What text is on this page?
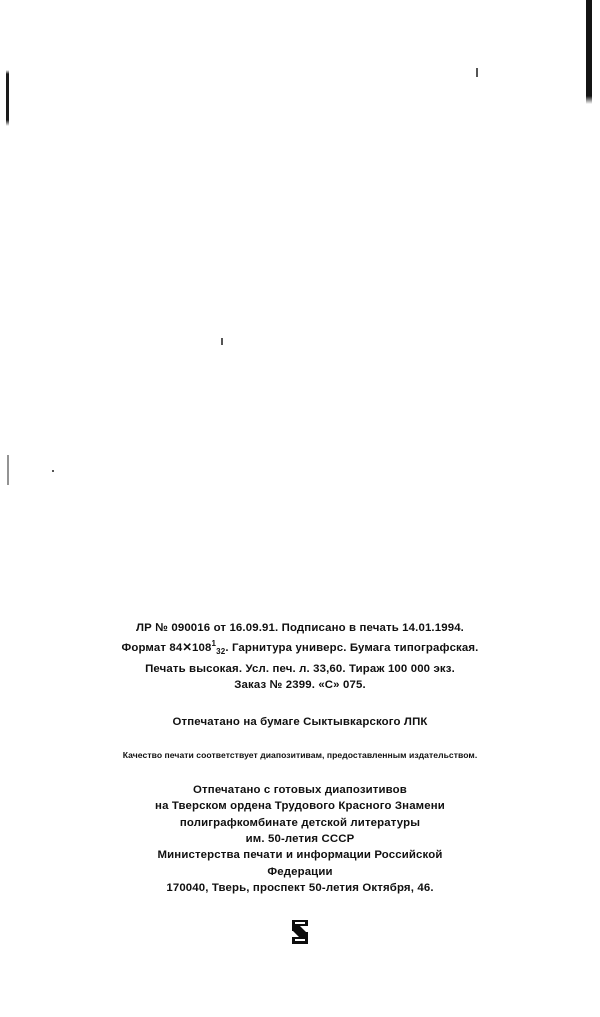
ЛР № 090016 от 16.09.91. Подписано в печать 14.01.1994.
Формат $84✕108^1_{32}$. Гарнитура универс. Бумага типографская.
Печать высокая. Усл. печ. л. 33,60. Тираж 100 000 экз.
Заказ № 2399. «С» 075.
Отпечатано на бумаге Сыктывкарского ЛПК
Качество печати соответствует диапозитивам, предоставленным издательством.
Отпечатано с готовых диапозитивов
на Тверском ордена Трудового Красного Знамени
полиграфкомбинате детской литературы
им. 50-летия СССР
Министерства печати и информации Российской
Федерации
170040, Тверь, проспект 50-летия Октября, 46.
